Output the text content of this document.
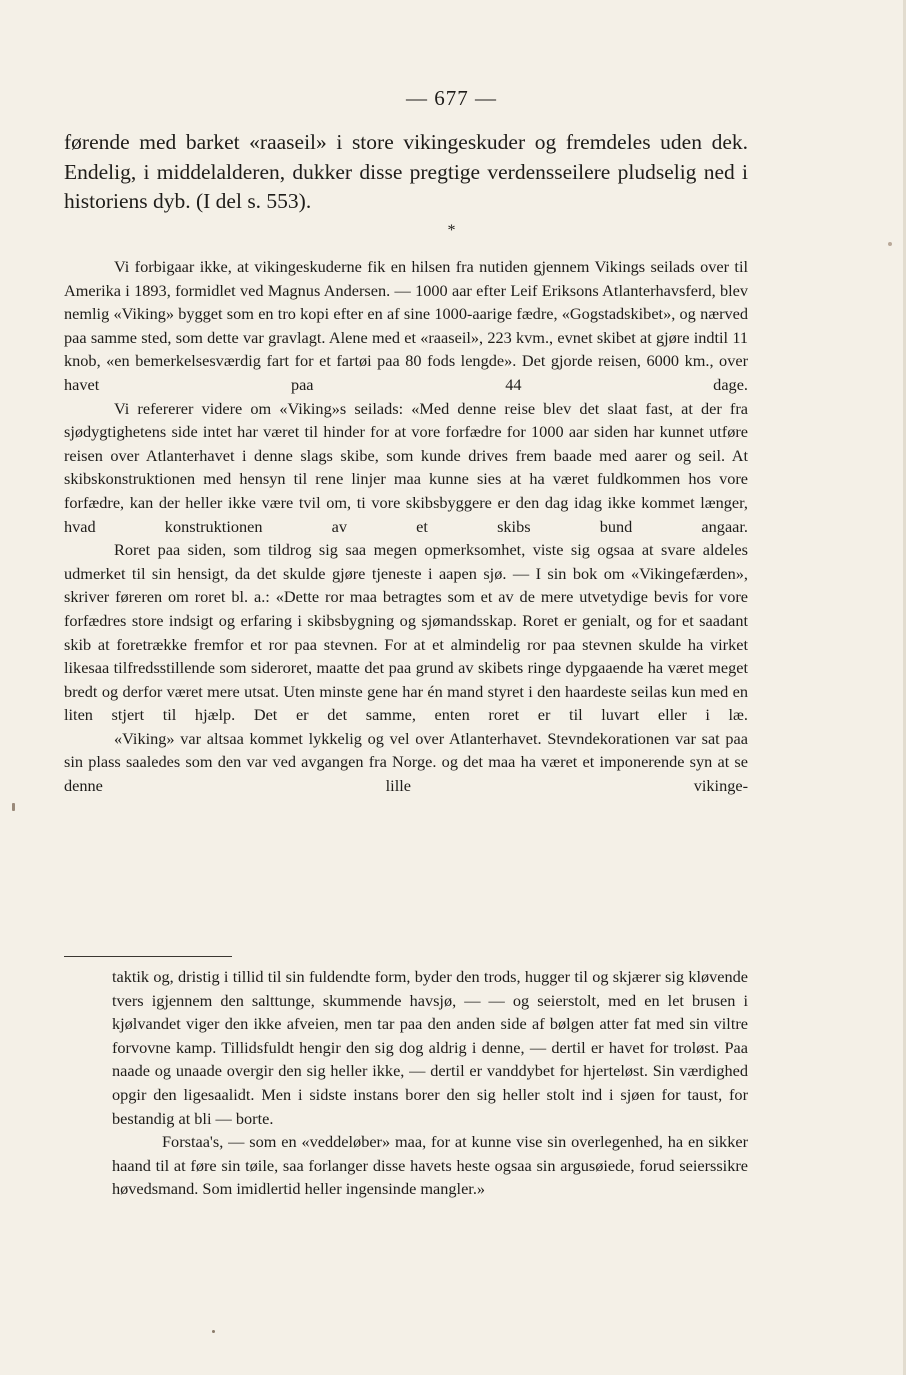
— 677 —

førende med barket «raaseil» i store vikingeskuder og fremdeles uden dek. Endelig, i middelalderen, dukker disse pregtige verdensseilere pludselig ned i historiens dyb. (I del s. 553).

*

Vi forbigaar ikke, at vikingeskuderne fik en hilsen fra nutiden gjennem Vikings seilads over til Amerika i 1893, formidlet ved Magnus Andersen. — 1000 aar efter Leif Eriksons Atlanterhavsferd, blev nemlig «Viking» bygget som en tro kopi efter en af sine 1000-aarige fædre, «Gogstadskibet», og nærved paa samme sted, som dette var gravlagt. Alene med et «raaseil», 223 kvm., evnet skibet at gjøre indtil 11 knob, «en bemerkelsesværdig fart for et fartøi paa 80 fods lengde». Det gjorde reisen, 6000 km., over havet paa 44 dage.

Vi refererer videre om «Viking»s seilads: «Med denne reise blev det slaat fast, at der fra sjødygtighetens side intet har været til hinder for at vore forfædre for 1000 aar siden har kunnet utføre reisen over Atlanterhavet i denne slags skibe, som kunde drives frem baade med aarer og seil. At skibskonstruktionen med hensyn til rene linjer maa kunne sies at ha været fuldkommen hos vore forfædre, kan der heller ikke være tvil om, ti vore skibsbyggere er den dag idag ikke kommet længer, hvad konstruktionen av et skibs bund angaar.

Roret paa siden, som tildrog sig saa megen opmerksomhet, viste sig ogsaa at svare aldeles udmerket til sin hensigt, da det skulde gjøre tjeneste i aapen sjø. — I sin bok om «Vikingefærden», skriver føreren om roret bl. a.: «Dette ror maa betragtes som et av de mere utvetydige bevis for vore forfædres store indsigt og erfaring i skibsbygning og sjømandsskap. Roret er genialt, og for et saadant skib at foretrække fremfor et ror paa stevnen. For at et almindelig ror paa stevnen skulde ha virket likesaa tilfredsstillende som sideroret, maatte det paa grund av skibets ringe dypgaaende ha været meget bredt og derfor været mere utsat. Uten minste gene har én mand styret i den haardeste seilas kun med en liten stjert til hjælp. Det er det samme, enten roret er til luvart eller i læ.

«Viking» var altsaa kommet lykkelig og vel over Atlanterhavet. Stevndekorationen var sat paa sin plass saaledes som den var ved avgangen fra Norge. og det maa ha været et imponerende syn at se denne lille vikinge-

taktik og, dristig i tillid til sin fuldendte form, byder den trods, hugger til og skjærer sig kløvende tvers igjennem den salttunge, skummende havsjø, — — og seierstolt, med en let brusen i kjølvandet viger den ikke afveien, men tar paa den anden side af bølgen atter fat med sin viltre forvovne kamp. Tillidsfuldt hengir den sig dog aldrig i denne, — dertil er havet for troløst. Paa naade og unaade overgir den sig heller ikke, — dertil er vanddybet for hjerteløst. Sin værdighed opgir den ligesaalidt. Men i sidste instans borer den sig heller stolt ind i sjøen for taust, for bestandig at bli — borte.

Forstaa's, — som en «veddeløber» maa, for at kunne vise sin overlegenhed, ha en sikker haand til at føre sin tøile, saa forlanger disse havets heste ogsaa sin argusøiede, forud seierssikre høvedsmand. Som imidlertid heller ingensinde mangler.»
